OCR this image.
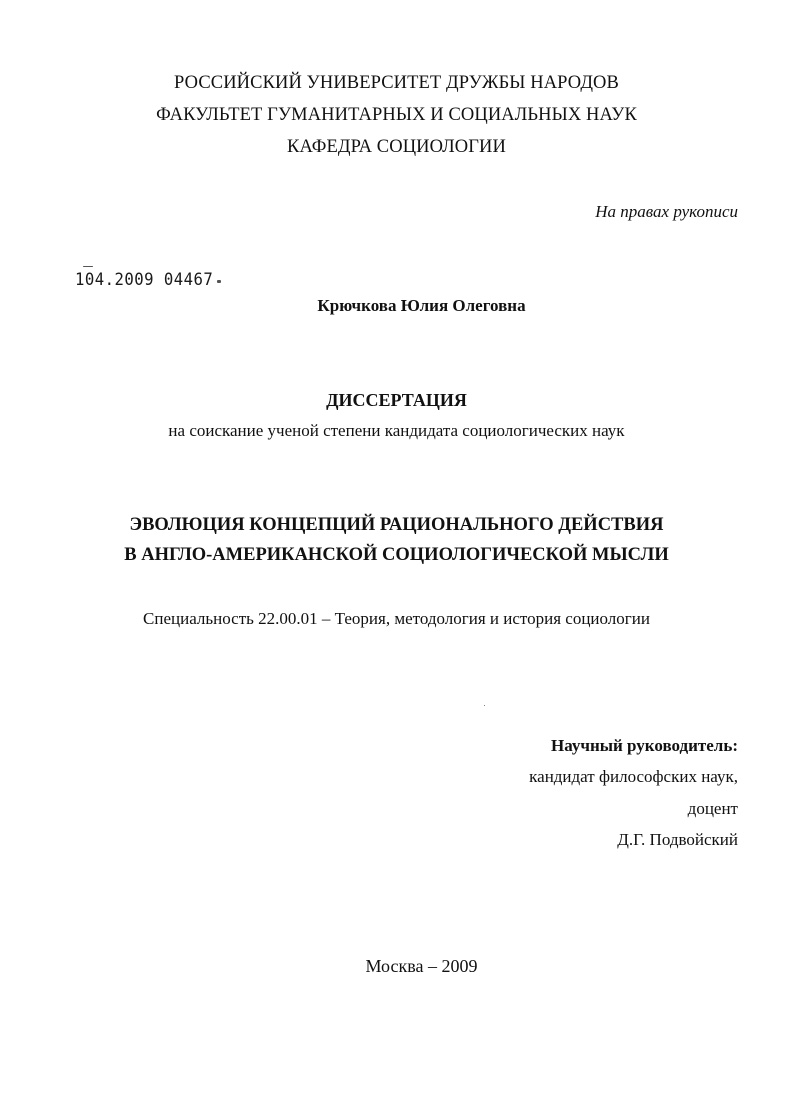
РОССИЙСКИЙ УНИВЕРСИТЕТ ДРУЖБЫ НАРОДОВ
ФАКУЛЬТЕТ ГУМАНИТАРНЫХ И СОЦИАЛЬНЫХ НАУК
КАФЕДРА СОЦИОЛОГИИ
На правах рукописи
104.2009 04467
Крючкова Юлия Олеговна
ДИССЕРТАЦИЯ
на соискание ученой степени кандидата социологических наук
ЭВОЛЮЦИЯ КОНЦЕПЦИЙ РАЦИОНАЛЬНОГО ДЕЙСТВИЯ
В АНГЛО-АМЕРИКАНСКОЙ СОЦИОЛОГИЧЕСКОЙ МЫСЛИ
Специальность 22.00.01 – Теория, методология и история социологии
Научный руководитель:
кандидат философских наук,
доцент
Д.Г. Подвойский
Москва – 2009
